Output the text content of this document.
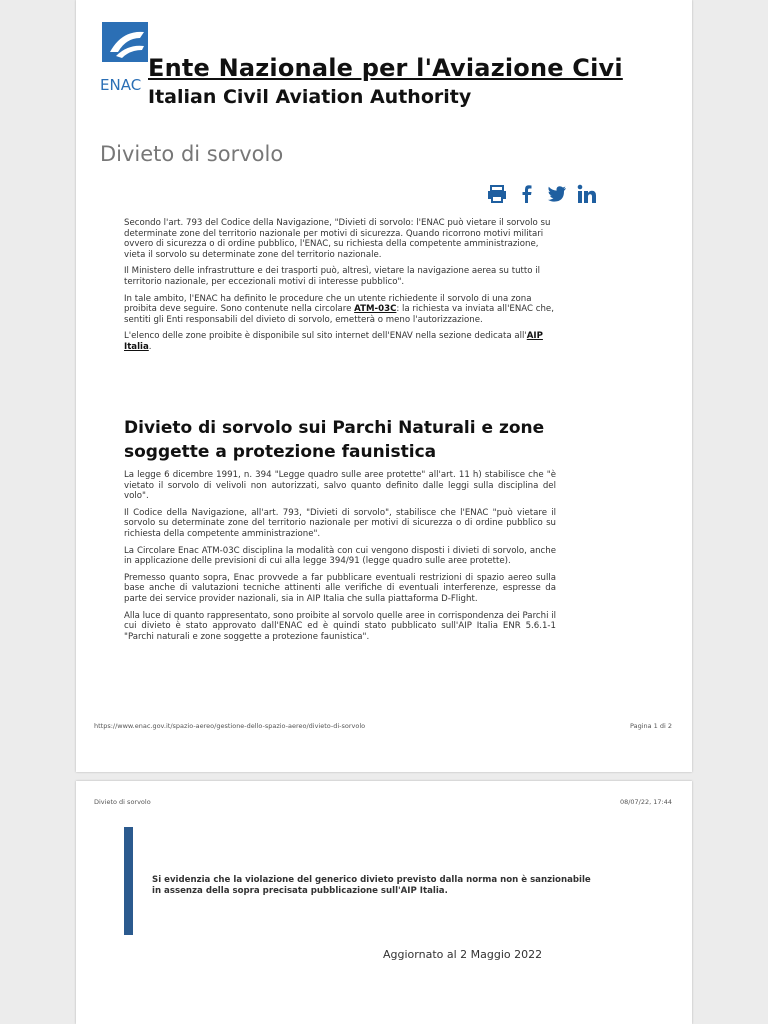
ENAC
Ente Nazionale per l'Aviazione Civi
Italian Civil Aviation Authority
Divieto di sorvolo

Secondo l'art. 793 del Codice della Navigazione, "Divieti di sorvolo: l'ENAC può vietare il sorvolo su determinate zone del territorio nazionale per motivi di sicurezza. Quando ricorrono motivi militari ovvero di sicurezza o di ordine pubblico, l'ENAC, su richiesta della competente amministrazione, vieta il sorvolo su determinate zone del territorio nazionale.

Il Ministero delle infrastrutture e dei trasporti può, altresì, vietare la navigazione aerea su tutto il territorio nazionale, per eccezionali motivi di interesse pubblico".

In tale ambito, l'ENAC ha definito le procedure che un utente richiedente il sorvolo di una zona proibita deve seguire. Sono contenute nella circolare ATM-03C: la richiesta va inviata all'ENAC che, sentiti gli Enti responsabili del divieto di sorvolo, emetterà o meno l'autorizzazione.

L'elenco delle zone proibite è disponibile sul sito internet dell'ENAV nella sezione dedicata all'AIP Italia.

Divieto di sorvolo sui Parchi Naturali e zone soggette a protezione faunistica

La legge 6 dicembre 1991, n. 394 "Legge quadro sulle aree protette" all'art. 11 h) stabilisce che "è vietato il sorvolo di velivoli non autorizzati, salvo quanto definito dalle leggi sulla disciplina del volo".

Il Codice della Navigazione, all'art. 793, "Divieti di sorvolo", stabilisce che l'ENAC "può vietare il sorvolo su determinate zone del territorio nazionale per motivi di sicurezza o di ordine pubblico su richiesta della competente amministrazione".

La Circolare Enac ATM-03C disciplina la modalità con cui vengono disposti i divieti di sorvolo, anche in applicazione delle previsioni di cui alla legge 394/91 (legge quadro sulle aree protette).

Premesso quanto sopra, Enac provvede a far pubblicare eventuali restrizioni di spazio aereo sulla base anche di valutazioni tecniche attinenti alle verifiche di eventuali interferenze, espresse da parte dei service provider nazionali, sia in AIP Italia che sulla piattaforma D-Flight.

Alla luce di quanto rappresentato, sono proibite al sorvolo quelle aree in corrispondenza dei Parchi il cui divieto è stato approvato dall'ENAC ed è quindi stato pubblicato sull'AIP Italia ENR 5.6.1-1 "Parchi naturali e zone soggette a protezione faunistica".

https://www.enac.gov.it/spazio-aereo/gestione-dello-spazio-aereo/divieto-di-sorvolo	Pagina 1 di 2
Divieto di sorvolo	08/07/22, 17:44
Si evidenzia che la violazione del generico divieto previsto dalla norma non è sanzionabile in assenza della sopra precisata pubblicazione sull'AIP Italia.
Aggiornato al 2 Maggio 2022
